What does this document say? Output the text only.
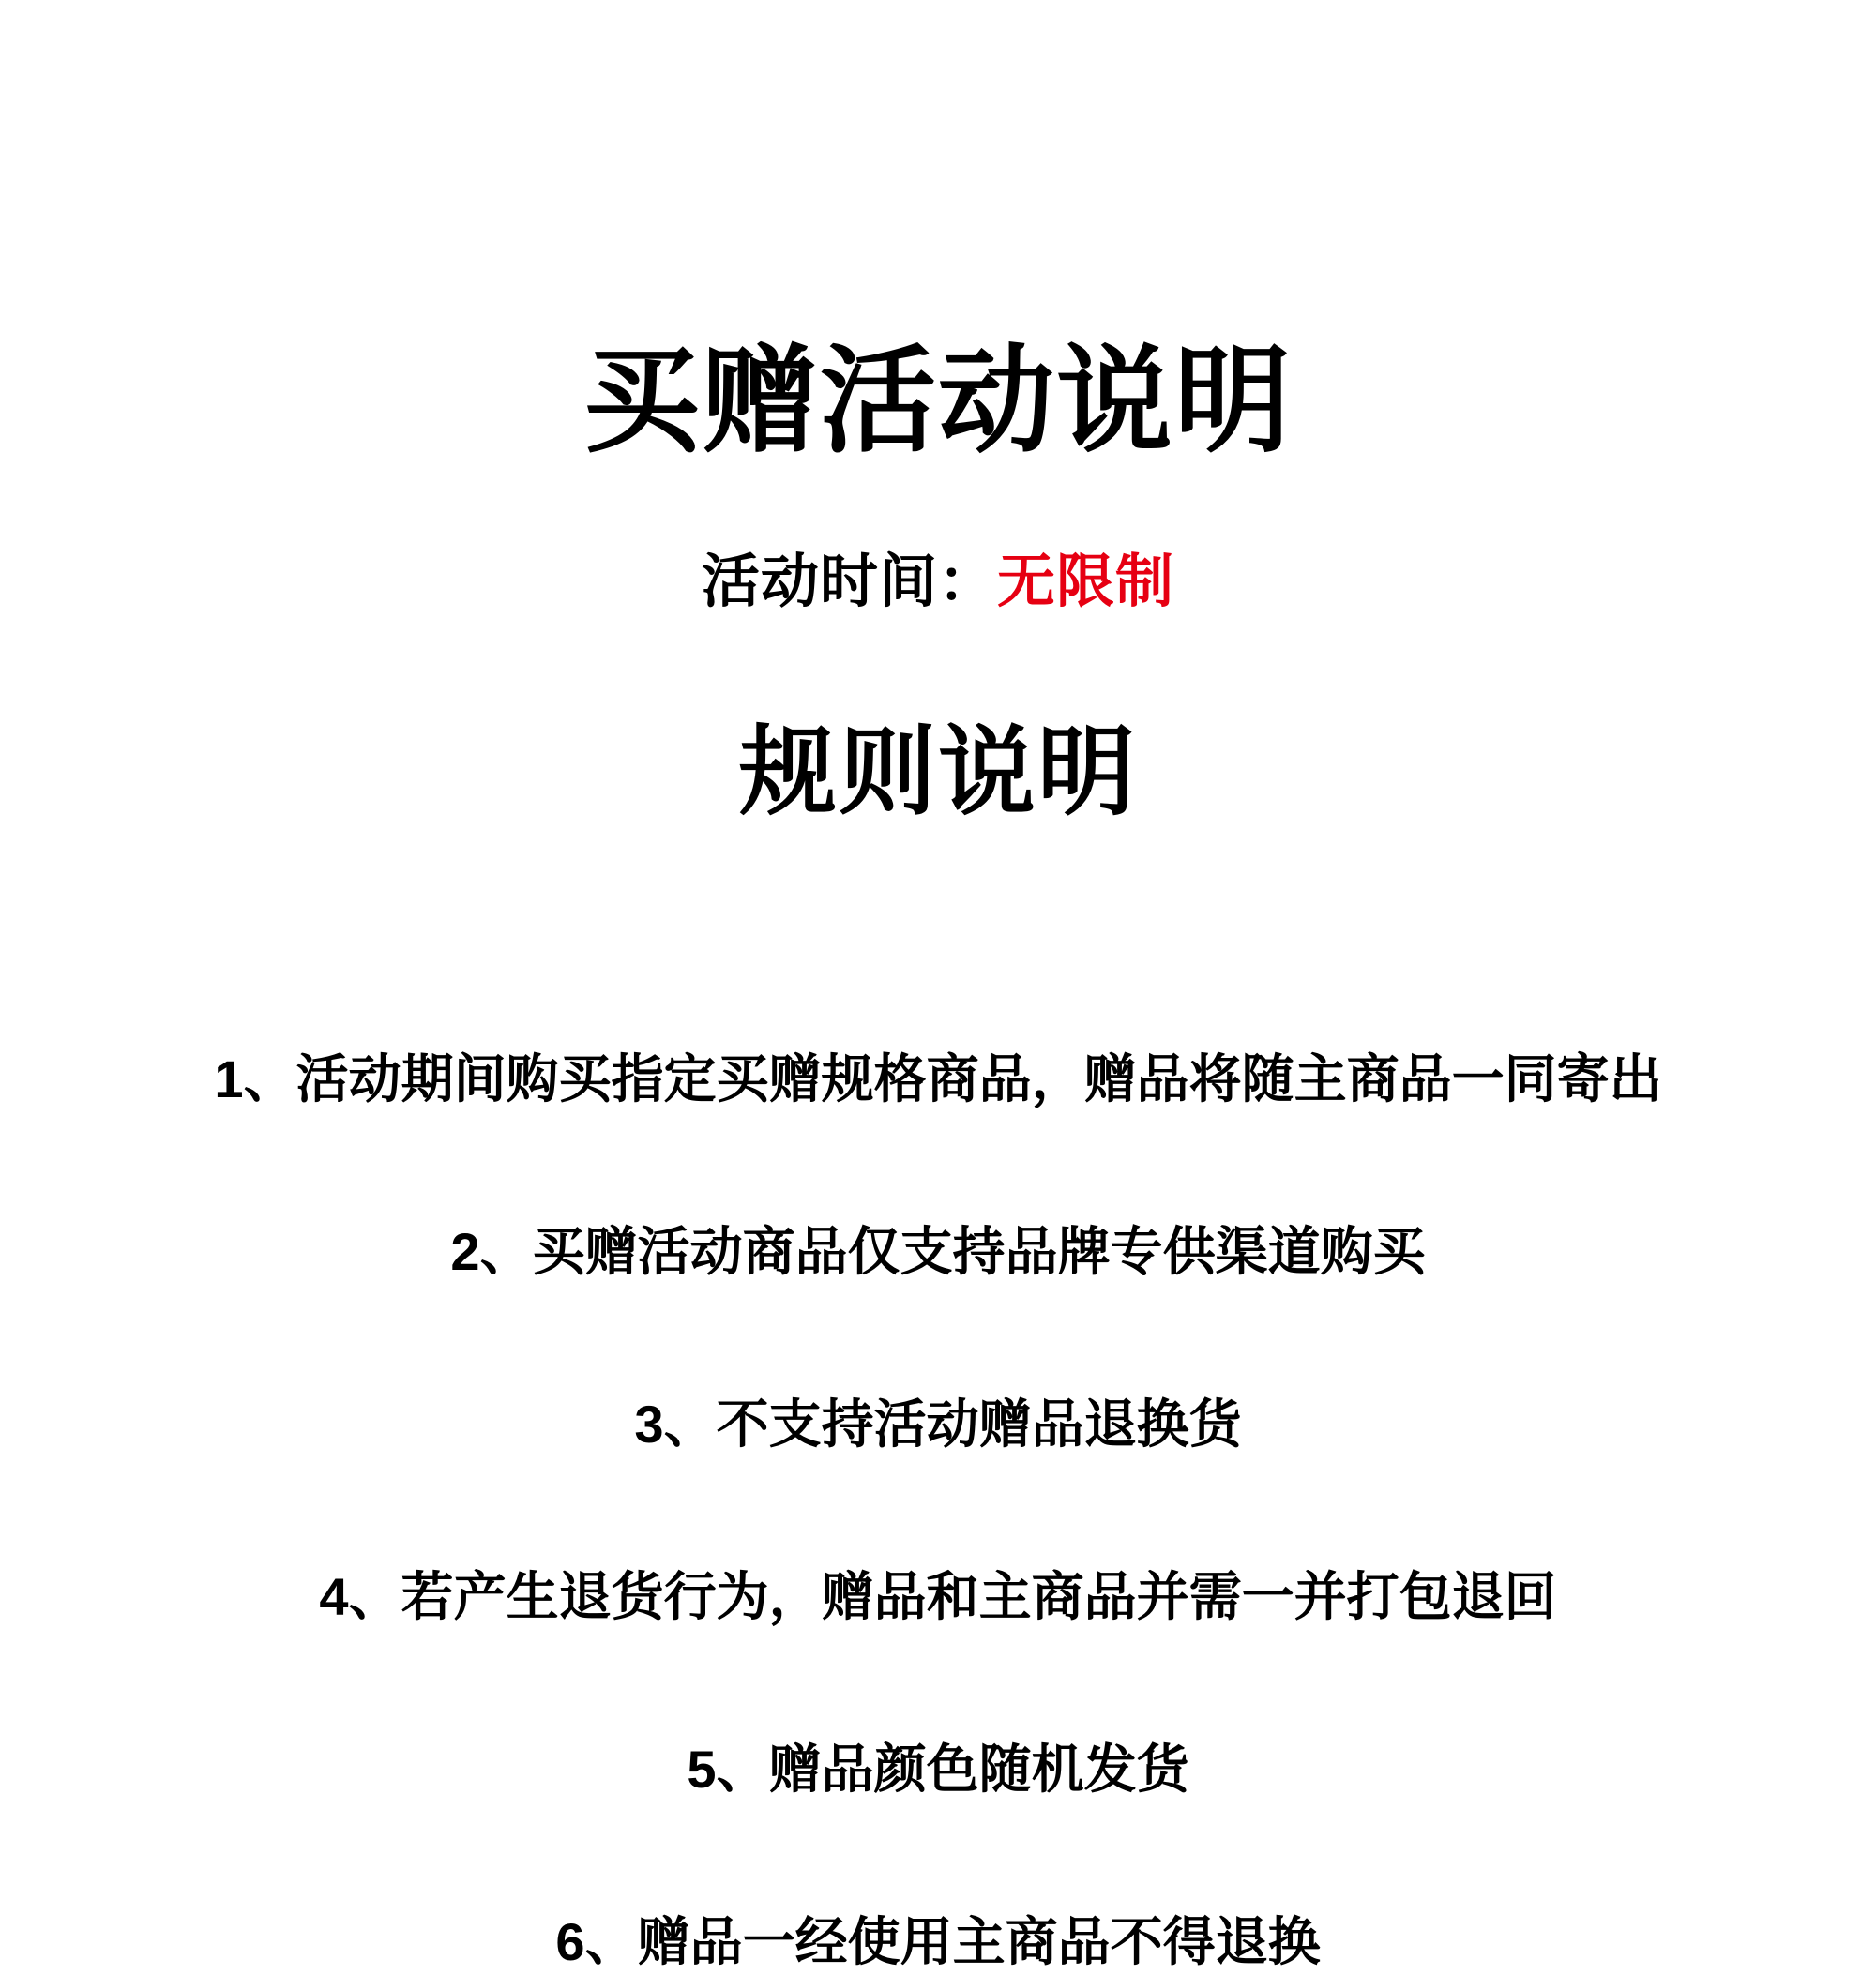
买赠活动说明
活动时间：无限制
规则说明

1、活动期间购买指定买赠规格商品，赠品将随主商品一同寄出

2、买赠活动商品仅支持品牌专供渠道购买

3、不支持活动赠品退换货

4、若产生退货行为，赠品和主商品并需一并打包退回

5、赠品颜色随机发货

6、赠品一经使用主商品不得退换
